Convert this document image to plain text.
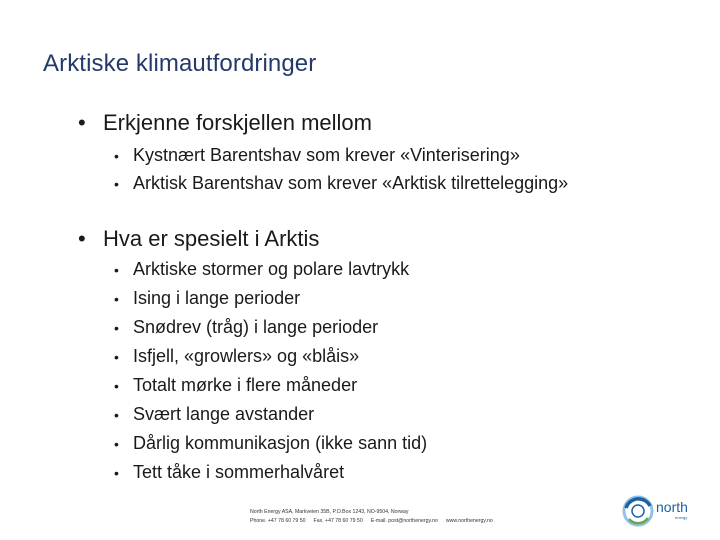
Arktiske klimautfordringer
• Erkjenne forskjellen mellom
• Kystnært Barentshav som krever «Vinterisering»
• Arktisk Barentshav som krever «Arktisk tilrettelegging»
• Hva er spesielt i Arktis
• Arktiske stormer og polare lavtrykk
• Ising i lange perioder
• Snødrev (tråg) i lange perioder
• Isfjell, «growlers» og «blåis»
• Totalt mørke i flere måneder
• Svært lange avstander
• Dårlig kommunikasjon (ikke sann tid)
• Tett tåke i sommerhalvåret
North Energy ASA, Markveien 35B, P.O.Box 1243, NO-9504, Norway
Phone. +47 78 60 79 50 Fax. +47 78 60 79 50 E-mail. post@northenergy.no www.northenergy.no
north
energy
